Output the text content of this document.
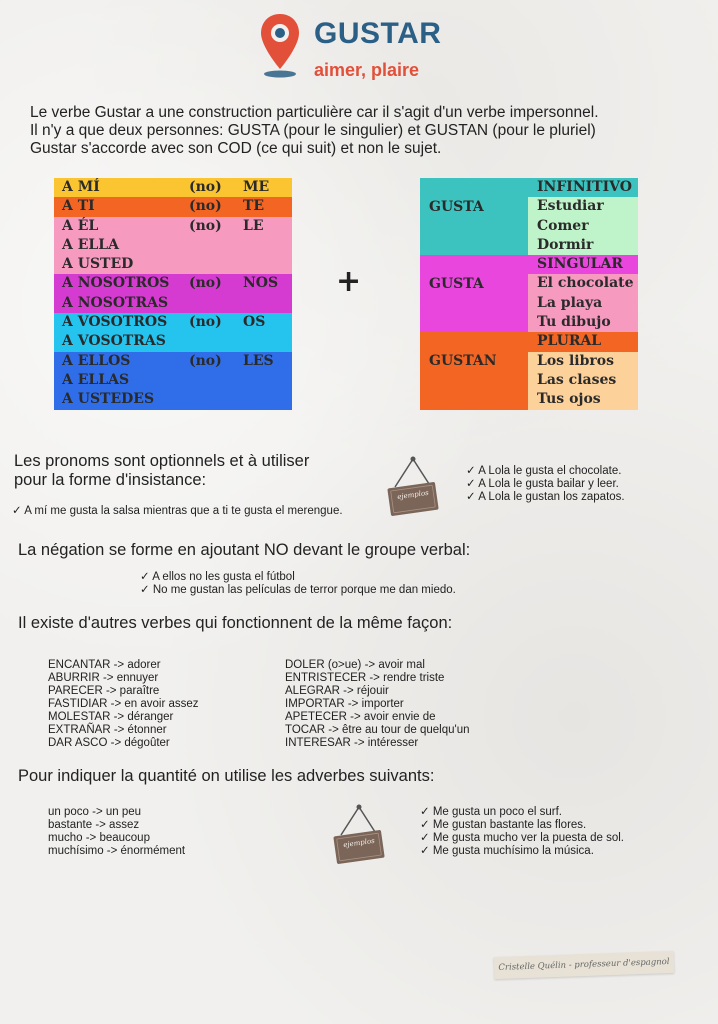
GUSTAR
aimer, plaire
Le verbe Gustar a une construction particulière car il s'agit d'un verbe impersonnel.
Il n'y a que deux personnes: GUSTA (pour le singulier) et GUSTAN (pour le pluriel)
Gustar s'accorde avec son COD (ce qui suit) et non le sujet.
A MÍ	(no) ME
A TI	(no) TE
A ÉL	(no) LE
A ELLA
A USTED
A NOSOTROS (no) NOS
A NOSOTRAS
A VOSOTROS (no) OS
A VOSOTRAS
A ELLOS	(no) LES
A ELLAS
A USTEDES
+
GUSTA
INFINITIVO
Estudiar
Comer
Dormir
GUSTA
SINGULAR
El chocolate
La playa
Tu dibujo
GUSTAN
PLURAL
Los libros
Las clases
Tus ojos
Les pronoms sont optionnels et à utiliser
pour la forme d'insistance:
✓ A mí me gusta la salsa mientras que a ti te gusta el merengue.
ejemplos
✓ A Lola le gusta el chocolate.
✓ A Lola le gusta bailar y leer.
✓ A Lola le gustan los zapatos.
La négation se forme en ajoutant NO devant le groupe verbal:
✓ A ellos no les gusta el fútbol
✓ No me gustan las películas de terror porque me dan miedo.
Il existe d'autres verbes qui fonctionnent de la même façon:
ENCANTAR -> adorer
ABURRIR -> ennuyer
PARECER -> paraître
FASTIDIAR -> en avoir assez
MOLESTAR -> déranger
EXTRAÑAR -> étonner
DAR ASCO -> dégoûter
DOLER (o>ue) -> avoir mal
ENTRISTECER -> rendre triste
ALEGRAR -> réjouir
IMPORTAR -> importer
APETECER -> avoir envie de
TOCAR -> être au tour de quelqu'un
INTERESAR -> intéresser
Pour indiquer la quantité on utilise les adverbes suivants:
un poco -> un peu
bastante -> assez
mucho -> beaucoup
muchísimo -> énormément
ejemplos
✓ Me gusta un poco el surf.
✓ Me gustan bastante las flores.
✓ Me gusta mucho ver la puesta de sol.
✓ Me gusta muchísimo la música.
Cristelle Quélin - professeur d'espagnol
